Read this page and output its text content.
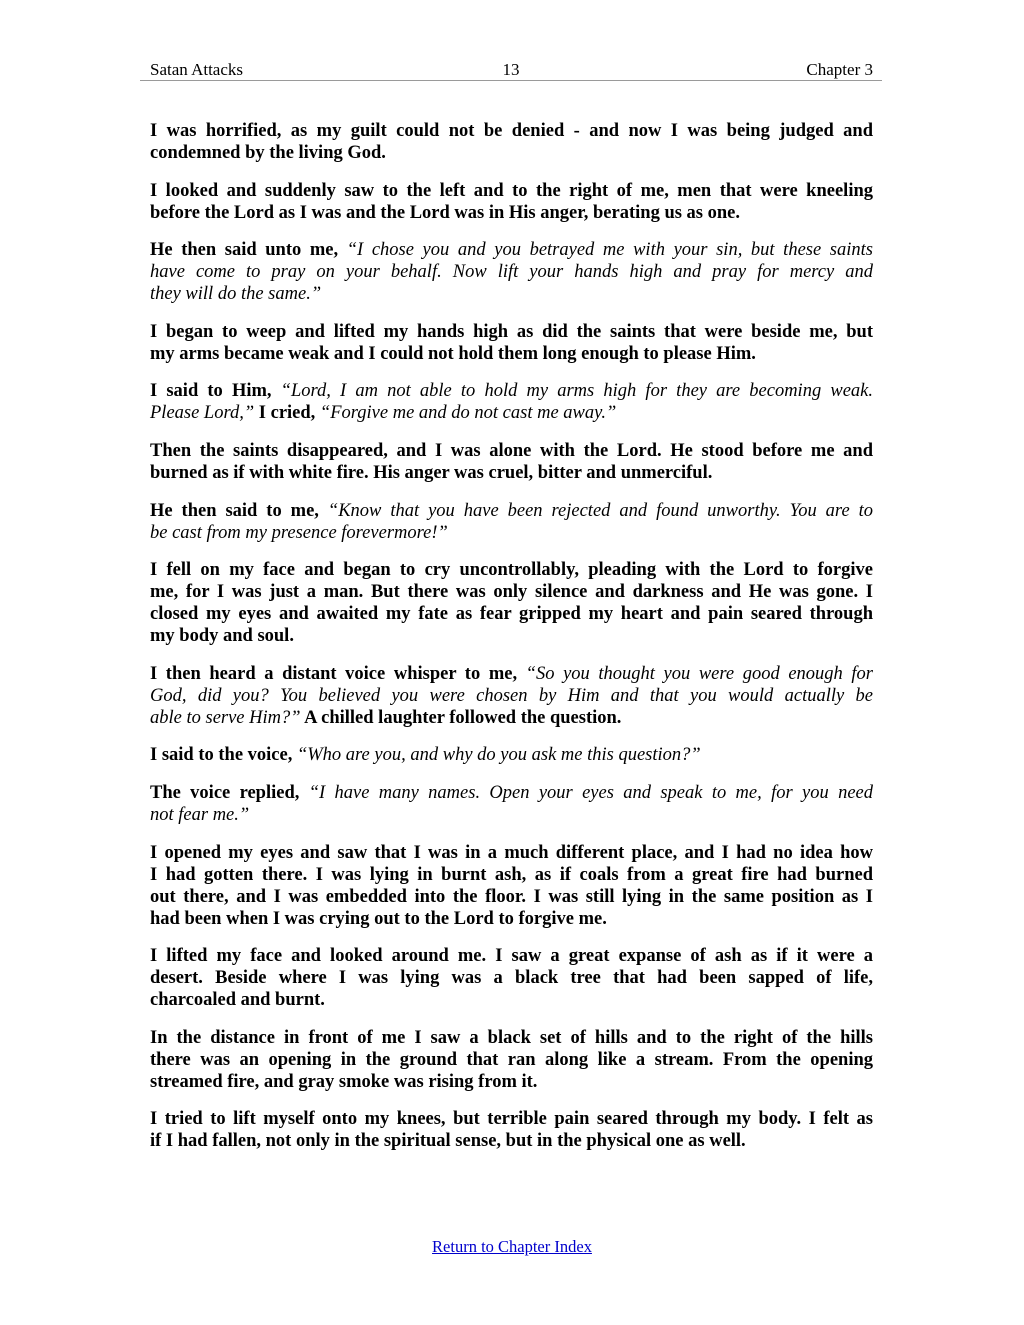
Satan Attacks	13	Chapter 3
I was horrified, as my guilt could not be denied - and now I was being judged and
condemned by the living God.
I looked and suddenly saw to the left and to the right of me, men that were kneeling
before the Lord as I was and the Lord was in His anger, berating us as one.
He then said unto me, “I chose you and you betrayed me with your sin, but these saints
have come to pray on your behalf. Now lift your hands high and pray for mercy and
they will do the same.”
I began to weep and lifted my hands high as did the saints that were beside me, but
my arms became weak and I could not hold them long enough to please Him.
I said to Him, “Lord, I am not able to hold my arms high for they are becoming weak.
Please Lord,” I cried, “Forgive me and do not cast me away.”
Then the saints disappeared, and I was alone with the Lord. He stood before me and
burned as if with white fire. His anger was cruel, bitter and unmerciful.
He then said to me, “Know that you have been rejected and found unworthy. You are to
be cast from my presence forevermore!”
I fell on my face and began to cry uncontrollably, pleading with the Lord to forgive
me, for I was just a man. But there was only silence and darkness and He was gone. I
closed my eyes and awaited my fate as fear gripped my heart and pain seared through
my body and soul.
I then heard a distant voice whisper to me, “So you thought you were good enough for
God, did you? You believed you were chosen by Him and that you would actually be
able to serve Him?” A chilled laughter followed the question.
I said to the voice, “Who are you, and why do you ask me this question?”
The voice replied, “I have many names. Open your eyes and speak to me, for you need
not fear me.”
I opened my eyes and saw that I was in a much different place, and I had no idea how
I had gotten there. I was lying in burnt ash, as if coals from a great fire had burned
out there, and I was embedded into the floor. I was still lying in the same position as I
had been when I was crying out to the Lord to forgive me.
I lifted my face and looked around me. I saw a great expanse of ash as if it were a
desert. Beside where I was lying was a black tree that had been sapped of life,
charcoaled and burnt.
In the distance in front of me I saw a black set of hills and to the right of the hills
there was an opening in the ground that ran along like a stream. From the opening
streamed fire, and gray smoke was rising from it.
I tried to lift myself onto my knees, but terrible pain seared through my body. I felt as
if I had fallen, not only in the spiritual sense, but in the physical one as well.
Return to Chapter Index
